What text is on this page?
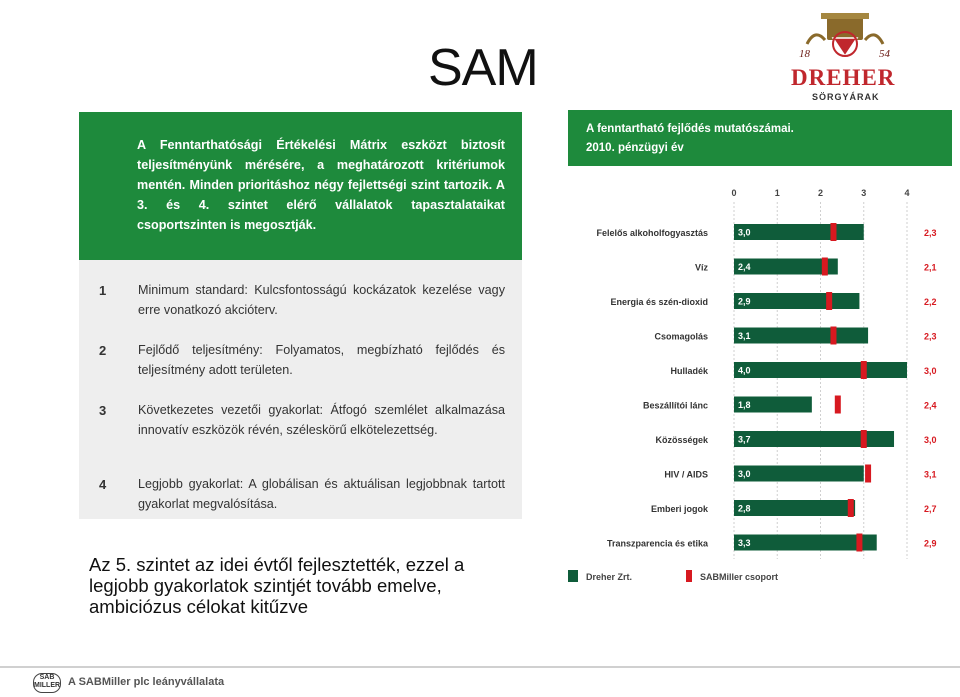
SAM	18	54
DREHER
SÖRGYÁRAK
A Fenntarthatósági Értékelési Mátrix eszközt biztosít teljesítményünk mérésére, a meghatározott kritériumok mentén. Minden prioritáshoz négy fejlettségi szint tartozik. A 3. és 4. szintet elérő vállalatok tapasztalataikat csoportszinten is megosztják.
1	Minimum standard: Kulcsfontosságú kockázatok kezelése vagy erre vonatkozó akcióterv.
2	Fejlődő teljesítmény: Folyamatos, megbízható fejlődés és teljesítmény adott területen.
3	Következetes vezetői gyakorlat: Átfogó szemlélet alkalmazása innovatív eszközök révén, széleskörű elkötelezettség.
4	Legjobb gyakorlat: A globálisan és aktuálisan legjobbnak tartott gyakorlat megvalósítása.
Az 5. szintet az idei évtől fejlesztették, ezzel a legjobb gyakorlatok szintjét tovább emelve, ambiciózus célokat kitűzve
A fenntartható fejlődés mutatószámai.
2010. pénzügyi év
0	1	2	3	4
Felelős alkoholfogyasztás	3,0	2,3
Víz	2,4	2,1
Energia és szén-dioxid	2,9	2,2
Csomagolás	3,1	2,3
Hulladék	4,0	3,0
Beszállítói lánc	1,8	2,4
Közösségek	3,7	3,0
HIV / AIDS	3,0	3,1
Emberi jogok	2,8	2,7
Transzparencia és etika	3,3	2,9
Dreher Zrt.	SABMiller csoport
SAB MILLER A SABMiller plc leányvállalata
